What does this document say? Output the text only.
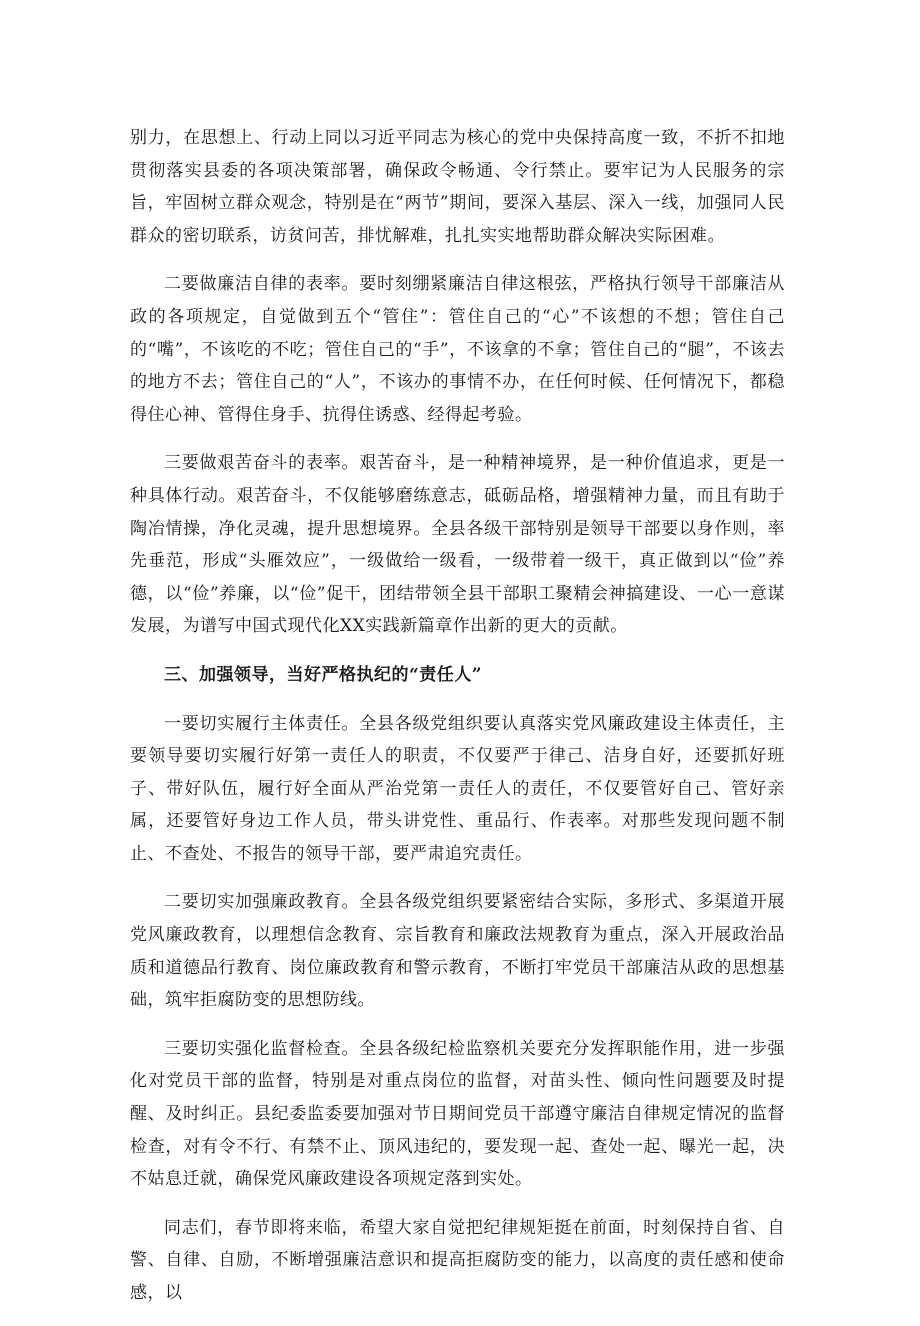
别力，在思想上、行动上同以习近平同志为核心的党中央保持高度一致，不折不扣地贯彻落实县委的各项决策部署，确保政令畅通、令行禁止。要牢记为人民服务的宗旨，牢固树立群众观念，特别是在“两节”期间，要深入基层、深入一线，加强同人民群众的密切联系，访贫问苦，排忧解难，扎扎实实地帮助群众解决实际困难。

二要做廉洁自律的表率。要时刻绷紧廉洁自律这根弦，严格执行领导干部廉洁从政的各项规定，自觉做到五个“管住”：管住自己的“心”不该想的不想；管住自己的“嘴”，不该吃的不吃；管住自己的“手”，不该拿的不拿；管住自己的“腿”，不该去的地方不去；管住自己的“人”，不该办的事情不办，在任何时候、任何情况下，都稳得住心神、管得住身手、抗得住诱惑、经得起考验。

三要做艰苦奋斗的表率。艰苦奋斗，是一种精神境界，是一种价值追求，更是一种具体行动。艰苦奋斗，不仅能够磨练意志，砥砺品格，增强精神力量，而且有助于陶冶情操，净化灵魂，提升思想境界。全县各级干部特别是领导干部要以身作则，率先垂范，形成“头雁效应”，一级做给一级看，一级带着一级干，真正做到以“俭”养德，以“俭”养廉，以“俭”促干，团结带领全县干部职工聚精会神搞建设、一心一意谋发展，为谱写中国式现代化XX实践新篇章作出新的更大的贡献。

三、加强领导，当好严格执纪的“责任人”

一要切实履行主体责任。全县各级党组织要认真落实党风廉政建设主体责任，主要领导要切实履行好第一责任人的职责，不仅要严于律己、洁身自好，还要抓好班子、带好队伍，履行好全面从严治党第一责任人的责任，不仅要管好自己、管好亲属，还要管好身边工作人员，带头讲党性、重品行、作表率。对那些发现问题不制止、不查处、不报告的领导干部，要严肃追究责任。

二要切实加强廉政教育。全县各级党组织要紧密结合实际，多形式、多渠道开展党风廉政教育，以理想信念教育、宗旨教育和廉政法规教育为重点，深入开展政治品质和道德品行教育、岗位廉政教育和警示教育，不断打牢党员干部廉洁从政的思想基础，筑牢拒腐防变的思想防线。

三要切实强化监督检查。全县各级纪检监察机关要充分发挥职能作用，进一步强化对党员干部的监督，特别是对重点岗位的监督，对苗头性、倾向性问题要及时提醒、及时纠正。县纪委监委要加强对节日期间党员干部遵守廉洁自律规定情况的监督检查，对有令不行、有禁不止、顶风违纪的，要发现一起、查处一起、曝光一起，决不姑息迁就，确保党风廉政建设各项规定落到实处。

同志们，春节即将来临，希望大家自觉把纪律规矩挺在前面，时刻保持自省、自警、自律、自励，不断增强廉洁意识和提高拒腐防变的能力，以高度的责任感和使命感，以
